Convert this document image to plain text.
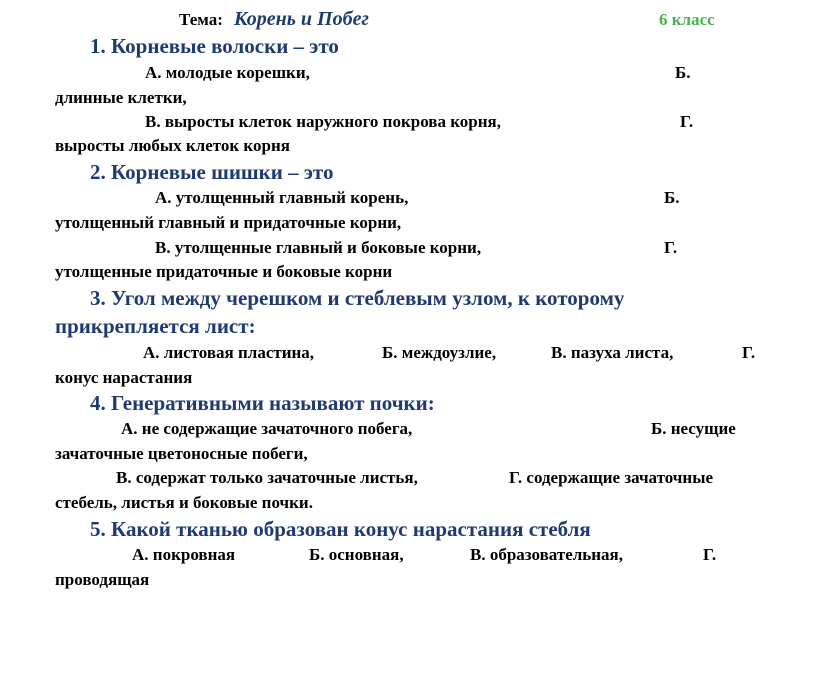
Тема: Корень и Побег	6 класс
1. Корневые волоски – это
А. молодые корешки,	Б.
длинные клетки,
В. выросты клеток наружного покрова корня,	Г.
выросты любых клеток корня
2. Корневые шишки – это
А. утолщенный главный корень,	Б.
утолщенный главный и придаточные корни,
В. утолщенные главный и боковые корни,	Г.
утолщенные придаточные и боковые корни
3. Угол между черешком и стеблевым узлом, к которому
прикрепляется лист:
А. листовая пластина,	Б. междоузлие,	В. пазуха листа,	Г.
конус нарастания
4. Генеративными называют почки:
А. не содержащие зачаточного побега,	Б. несущие
зачаточные цветоносные побеги,
В. содержат только зачаточные листья,	Г. содержащие зачаточные
стебель, листья и боковые почки.
5. Какой тканью образован конус нарастания стебля
А. покровная	Б. основная,	В. образовательная,	Г.
проводящая
